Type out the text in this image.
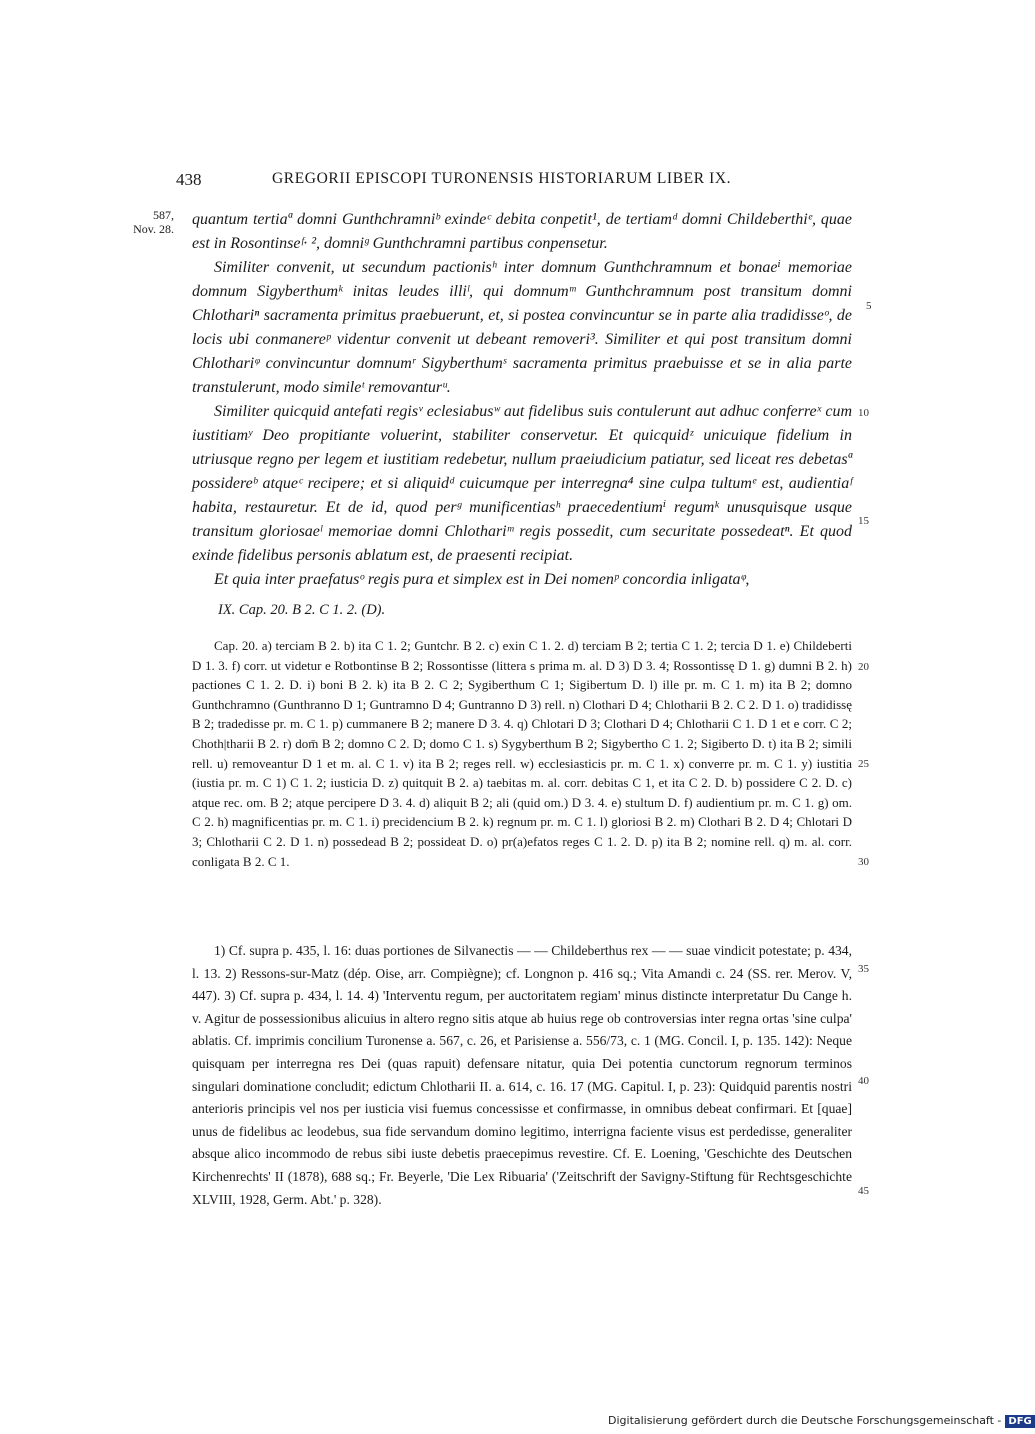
438	GREGORII EPISCOPI TURONENSIS HISTORIARUM LIBER IX.
587,
Nov. 28.

quantum tertiaª domni Gunthchramniᵇ exindeᶜ debita conpetit¹, de tertiamᵈ domni Childeberthiᵉ, quae est in Rosontinseᶠ· ², domniᵍ Gunthchramni partibus conpensetur.

Similiter convenit, ut secundum pactionisʰ inter domnum Gunthchramnum et bonaeⁱ memoriae domnum Sigyberthumᵏ initas leudes illiˡ, qui domnumᵐ Gunthchramnum post transitum domni Chlothariⁿ sacramenta primitus praebuerunt, et, si postea convincuntur se in parte alia tradidisseᵒ, de locis ubi conmanereᵖ videntur convenit ut debeant removeri³. Similiter et qui post transitum domni Chlothariᵠ convincuntur domnumʳ Sigyberthumˢ sacramenta primitus praebuisse et se in alia parte transtulerunt, modo simileᵗ removanturᵘ.

Similiter quicquid antefati regisᵛ eclesiabusʷ aut fidelibus suis contulerunt aut adhuc conferreˣ cum iustitiamʸ Deo propitiante voluerint, stabiliter conservetur. Et quicquidᶻ unicuique fidelium in utriusque regno per legem et iustitiam redebetur, nullum praeiudicium patiatur, sed liceat res debetasª possidereᵇ atqueᶜ recipere; et si aliquidᵈ cuicumque per interregna⁴ sine culpa tultumᵉ est, audientiaᶠ habita, restauretur. Et de id, quod perᵍ munificentiasʰ praecedentiumⁱ regumᵏ unusquisque usque transitum gloriosaeˡ memoriae domni Chlothariᵐ regis possedit, cum securitate possedeatⁿ. Et quod exinde fidelibus personis ablatum est, de praesenti recipiat.

Et quia inter praefatusᵒ regis pura et simplex est in Dei nomenᵖ concordia inligataᵠ,

5
10
15
20
25
30
35
40
45
IX. Cap. 20. B 2. C 1. 2. (D).

Cap. 20. a) terciam B 2. b) ita C 1. 2; Guntchr. B 2. c) exin C 1. 2. d) terciam B 2; tertia C 1. 2; tercia D 1. e) Childeberti D 1. 3. f) corr. ut videtur e Rotbontinse B 2; Rossontisse (littera s prima m. al. D 3) D 3. 4; Rossontissę D 1. g) dumni B 2. h) pactiones C 1. 2. D. i) boni B 2. k) ita B 2. C 2; Sygiberthum C 1; Sigibertum D. l) ille pr. m. C 1. m) ita B 2; domno Gunthchramno (Gunthranno D 1; Guntramno D 4; Guntranno D 3) rell. n) Clothari D 4; Chlotharii B 2. C 2. D 1. o) tradidissę B 2; tradedisse pr. m. C 1. p) cummanere B 2; manere D 3. 4. q) Chlotari D 3; Clothari D 4; Chlotharii C 1. D 1 et e corr. C 2; Choth|tharii B 2. r) dom̄ B 2; domno C 2. D; domo C 1. s) Sygyberthum B 2; Sigybertho C 1. 2; Sigiberto D. t) ita B 2; simili rell. u) removeantur D 1 et m. al. C 1. v) ita B 2; reges rell. w) ecclesiasticis pr. m. C 1. x) converre pr. m. C 1. y) iustitia (iustia pr. m. C 1) C 1. 2; iusticia D. z) quitquit B 2. a) taebitas m. al. corr. debitas C 1, et ita C 2. D. b) possidere C 2. D. c) atque rec. om. B 2; atque percipere D 3. 4. d) aliquit B 2; ali (quid om.) D 3. 4. e) stultum D. f) audientium pr. m. C 1. g) om. C 2. h) magnificentias pr. m. C 1. i) precidencium B 2. k) regnum pr. m. C 1. l) gloriosi B 2. m) Clothari B 2. D 4; Chlotari D 3; Chlotharii C 2. D 1. n) possedead B 2; possideat D. o) pr(a)efatos reges C 1. 2. D. p) ita B 2; nomine rell. q) m. al. corr. conligata B 2. C 1.

1) Cf. supra p. 435, l. 16: duas portiones de Silvanectis — — Childeberthus rex — — suae vindicit potestate; p. 434, l. 13. 2) Ressons-sur-Matz (dép. Oise, arr. Compiègne); cf. Longnon p. 416 sq.; Vita Amandi c. 24 (SS. rer. Merov. V, 447). 3) Cf. supra p. 434, l. 14. 4) 'Interventu regum, per auctoritatem regiam' minus distincte interpretatur Du Cange h. v. Agitur de possessionibus alicuius in altero regno sitis atque ab huius rege ob controversias inter regna ortas 'sine culpa' ablatis. Cf. imprimis concilium Turonense a. 567, c. 26, et Parisiense a. 556/73, c. 1 (MG. Concil. I, p. 135. 142): Neque quisquam per interregna res Dei (quas rapuit) defensare nitatur, quia Dei potentia cunctorum regnorum terminos singulari dominatione concludit; edictum Chlotharii II. a. 614, c. 16. 17 (MG. Capitul. I, p. 23): Quidquid parentis nostri anterioris principis vel nos per iusticia visi fuemus concessisse et confirmasse, in omnibus debeat confirmari. Et [quae] unus de fidelibus ac leodebus, sua fide servandum domino legitimo, interrigna faciente visus est perdedisse, generaliter absque alico incommodo de rebus sibi iuste debetis praecepimus revestire. Cf. E. Loening, 'Geschichte des Deutschen Kirchenrechts' II (1878), 688 sq.; Fr. Beyerle, 'Die Lex Ribuaria' ('Zeitschrift der Savigny-Stiftung für Rechtsgeschichte XLVIII, 1928, Germ. Abt.' p. 328).

Digitalisierung gefördert durch die Deutsche Forschungsgemeinschaft - DFG
